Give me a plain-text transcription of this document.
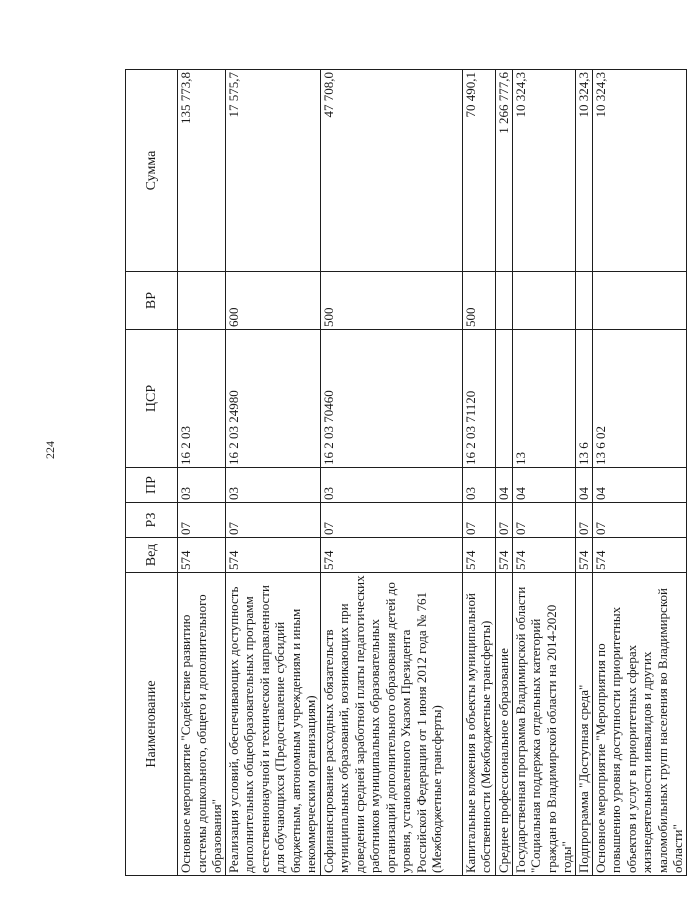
224
Наименование	Вед	РЗ	ПР	ЦСР	ВР	Сумма
Основное мероприятие "Содействие развитию системы дошкольного, общего и дополнительного образования"	574	07	03	16 2 03		135 773,8
Реализация условий, обеспечивающих доступность дополнительных общеобразовательных программ естественнонаучной и технической направленности для обучающихся (Предоставление субсидий бюджетным, автономным учреждениям и иным некоммерческим организациям)	574	07	03	16 2 03 24980	600	17 575,7
Софинансирование расходных обязательств муниципальных образований, возникающих при доведении средней заработной платы педагогических работников муниципальных образовательных организаций дополнительного образования детей до уровня, установленного Указом Президента Российской Федерации от 1 июня 2012 года № 761 (Межбюджетные трансферты)	574	07	03	16 2 03 70460	500	47 708,0
Капитальные вложения в объекты муниципальной собственности (Межбюджетные трансферты)	574	07	03	16 2 03 71120	500	70 490,1
Среднее профессиональное образование	574	07	04			1 266 777,6
Государственная программа Владимирской области "Социальная поддержка отдельных категорий граждан во Владимирской области на 2014-2020 годы"	574	07	04	13		10 324,3
Подпрограмма "Доступная среда"	574	07	04	13 6		10 324,3
Основное мероприятие "Мероприятия по повышению уровня доступности приоритетных объектов и услуг в приоритетных сферах жизнедеятельности инвалидов и других маломобильных групп населения во Владимирской области"	574	07	04	13 6 02		10 324,3
